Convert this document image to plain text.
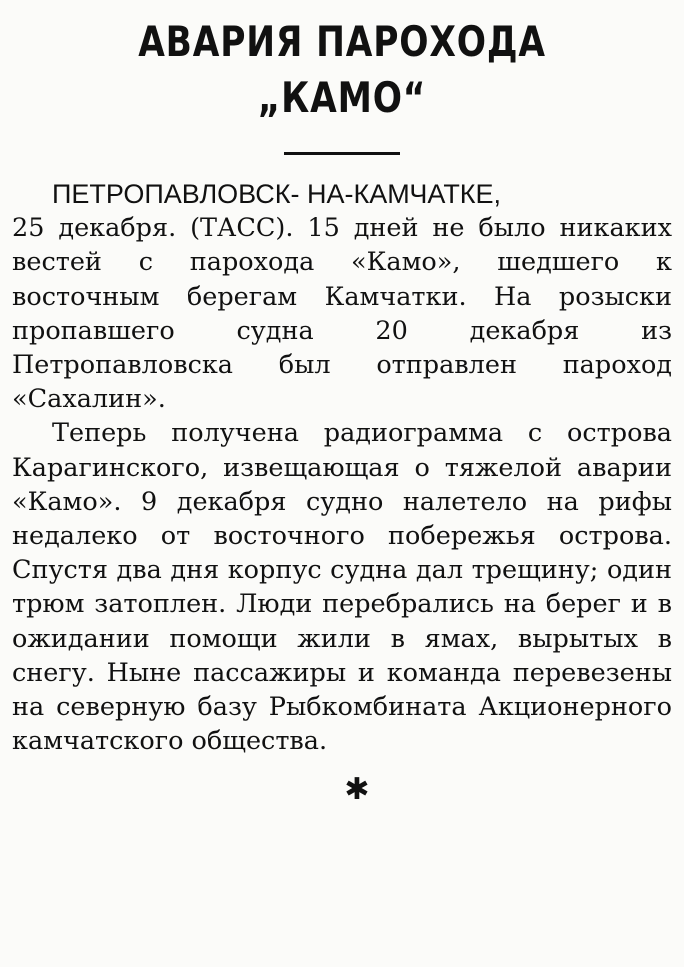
АВАРИЯ ПАРОХОДА
„КАМО“
ПЕТРОПАВЛОВСК- НА-КАМЧАТКЕ,
25 декабря. (ТАСС). 15 дней не было никаких вестей с парохода «Камо», шедшего к восточным берегам Камчатки. На розыски пропавшего судна 20 декабря из Петропавловска был отправлен пароход «Сахалин».

Теперь получена радиограмма с острова Карагинского, извещающая о тяжелой аварии «Камо». 9 декабря судно налетело на рифы недалеко от восточного побережья острова. Спустя два дня корпус судна дал трещину; один трюм затоплен. Люди перебрались на берег и в ожидании помощи жили в ямах, вырытых в снегу. Ныне пассажиры и команда перевезены на северную базу Рыбкомбината Акционерного камчатского общества.

✱
